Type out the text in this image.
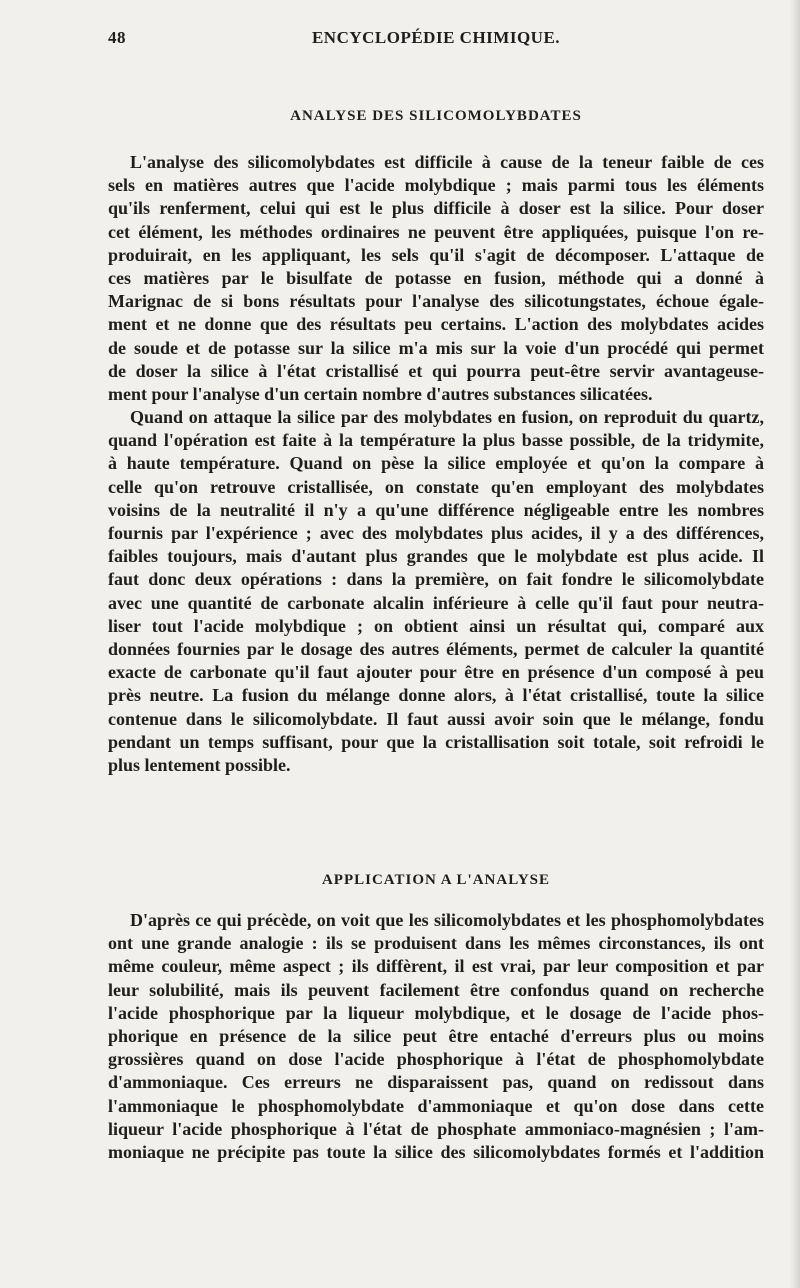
48	ENCYCLOPÉDIE CHIMIQUE.
ANALYSE DES SILICOMOLYBDATES
L'analyse des silicomolybdates est difficile à cause de la teneur faible de ces
sels en matières autres que l'acide molybdique ; mais parmi tous les éléments
qu'ils renferment, celui qui est le plus difficile à doser est la silice. Pour doser
cet élément, les méthodes ordinaires ne peuvent être appliquées, puisque l'on re-
produirait, en les appliquant, les sels qu'il s'agit de décomposer. L'attaque de
ces matières par le bisulfate de potasse en fusion, méthode qui a donné à
Marignac de si bons résultats pour l'analyse des silicotungstates, échoue égale-
ment et ne donne que des résultats peu certains. L'action des molybdates acides
de soude et de potasse sur la silice m'a mis sur la voie d'un procédé qui permet
de doser la silice à l'état cristallisé et qui pourra peut-être servir avantageuse-
ment pour l'analyse d'un certain nombre d'autres substances silicatées.
Quand on attaque la silice par des molybdates en fusion, on reproduit du quartz,
quand l'opération est faite à la température la plus basse possible, de la tridymite,
à haute température. Quand on pèse la silice employée et qu'on la compare à
celle qu'on retrouve cristallisée, on constate qu'en employant des molybdates
voisins de la neutralité il n'y a qu'une différence négligeable entre les nombres
fournis par l'expérience ; avec des molybdates plus acides, il y a des différences,
faibles toujours, mais d'autant plus grandes que le molybdate est plus acide. Il
faut donc deux opérations : dans la première, on fait fondre le silicomolybdate
avec une quantité de carbonate alcalin inférieure à celle qu'il faut pour neutra-
liser tout l'acide molybdique ; on obtient ainsi un résultat qui, comparé aux
données fournies par le dosage des autres éléments, permet de calculer la quantité
exacte de carbonate qu'il faut ajouter pour être en présence d'un composé à peu
près neutre. La fusion du mélange donne alors, à l'état cristallisé, toute la silice
contenue dans le silicomolybdate. Il faut aussi avoir soin que le mélange, fondu
pendant un temps suffisant, pour que la cristallisation soit totale, soit refroidi le
plus lentement possible.
APPLICATION A L'ANALYSE
D'après ce qui précède, on voit que les silicomolybdates et les phosphomolybdates
ont une grande analogie : ils se produisent dans les mêmes circonstances, ils ont
même couleur, même aspect ; ils diffèrent, il est vrai, par leur composition et par
leur solubilité, mais ils peuvent facilement être confondus quand on recherche
l'acide phosphorique par la liqueur molybdique, et le dosage de l'acide phos-
phorique en présence de la silice peut être entaché d'erreurs plus ou moins
grossières quand on dose l'acide phosphorique à l'état de phosphomolybdate
d'ammoniaque. Ces erreurs ne disparaissent pas, quand on redissout dans
l'ammoniaque le phosphomolybdate d'ammoniaque et qu'on dose dans cette
liqueur l'acide phosphorique à l'état de phosphate ammoniaco-magnésien ; l'am-
moniaque ne précipite pas toute la silice des silicomolybdates formés et l'addition
